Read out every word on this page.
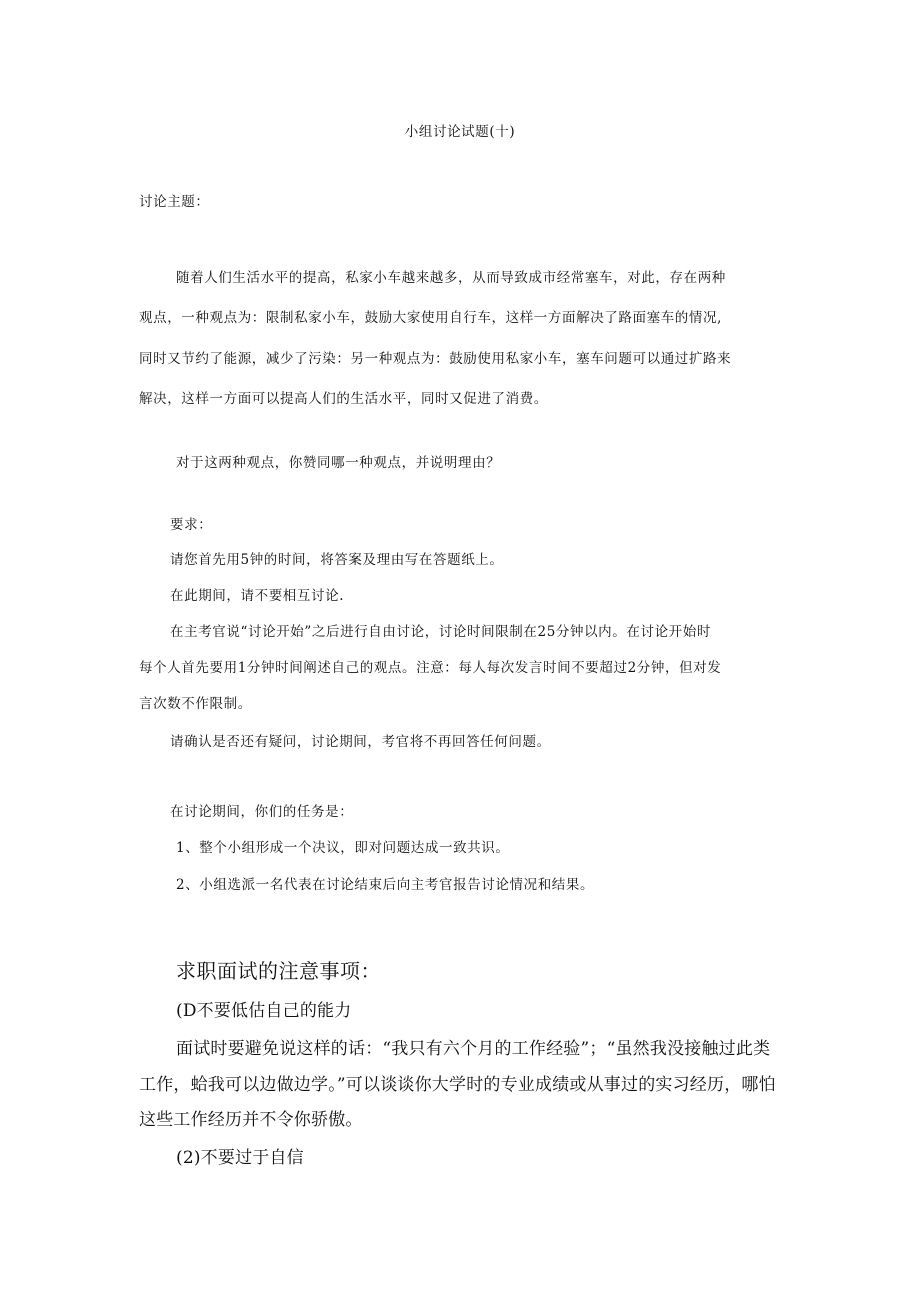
小组讨论试题(十)

讨论主题：

随着人们生活水平的提高，私家小车越来越多，从而导致成市经常塞车，对此，存在两种

观点，一种观点为：限制私家小车，鼓励大家使用自行车，这样一方面解决了路面塞车的情况,

同时又节约了能源，减少了污染：另一种观点为：鼓励使用私家小车，塞车问题可以通过扩路来

解决，这样一方面可以提高人们的生活水平，同时又促进了消费。

对于这两种观点，你赞同哪一种观点，并说明理由？

要求：

请您首先用5钟的时间，将答案及理由写在答题纸上。

在此期间，请不要相互讨论.

在主考官说“讨论开始”之后进行自由讨论，讨论时间限制在25分钟以内。在讨论开始时

每个人首先要用1分钟时间阐述自己的观点。注意：每人每次发言时间不要超过2分钟，但对发

言次数不作限制。

请确认是否还有疑问，讨论期间，考官将不再回答任何问题。

在讨论期间，你们的任务是：

1、整个小组形成一个决议，即对问题达成一致共识。

2、小组选派一名代表在讨论结束后向主考官报告讨论情况和结果。

求职面试的注意事项：

(D不要低估自己的能力

面试时要避免说这样的话：“我只有六个月的工作经验”；“虽然我没接触过此类

工作，蛤我可以边做边学。”可以谈谈你大学时的专业成绩或从事过的实习经历，哪怕

这些工作经历并不令你骄傲。

(2)不要过于自信
